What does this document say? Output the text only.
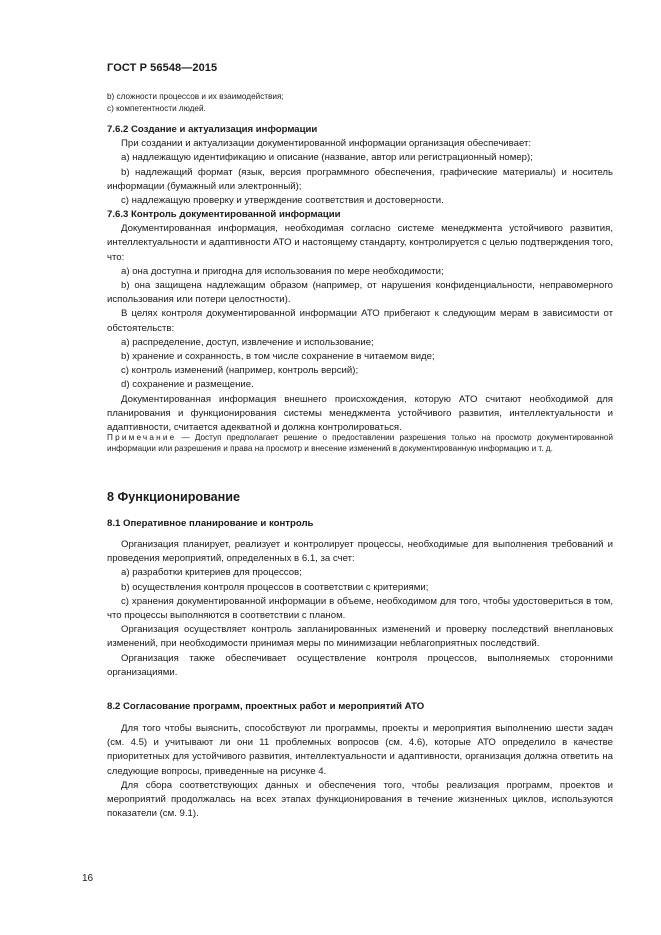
ГОСТ Р 56548—2015

b) сложности процессов и их взаимодействия;

c) компетентности людей.

7.6.2 Создание и актуализация информации

При создании и актуализации документированной информации организация обеспечивает:

a) надлежащую идентификацию и описание (название, автор или регистрационный номер);

b) надлежащий формат (язык, версия программного обеспечения, графические материалы) и носитель информации (бумажный или электронный);

c) надлежащую проверку и утверждение соответствия и достоверности.

7.6.3 Контроль документированной информации

Документированная информация, необходимая согласно системе менеджмента устойчивого развития, интеллектуальности и адаптивности АТО и настоящему стандарту, контролируется с целью подтверждения того, что:

a) она доступна и пригодна для использования по мере необходимости;

b) она защищена надлежащим образом (например, от нарушения конфиденциальности, неправомерного использования или потери целостности).

В целях контроля документированной информации АТО прибегают к следующим мерам в зависимости от обстоятельств:

a) распределение, доступ, извлечение и использование;

b) хранение и сохранность, в том числе сохранение в читаемом виде;

c) контроль изменений (например, контроль версий);

d) сохранение и размещение.

Документированная информация внешнего происхождения, которую АТО считают необходимой для планирования и функционирования системы менеджмента устойчивого развития, интеллектуальности и адаптивности, считается адекватной и должна контролироваться.

Примечание — Доступ предполагает решение о предоставлении разрешения только на просмотр документированной информации или разрешения и права на просмотр и внесение изменений в документированную информацию и т. д.

8 Функционирование

8.1 Оперативное планирование и контроль

Организация планирует, реализует и контролирует процессы, необходимые для выполнения требований и проведения мероприятий, определенных в 6.1, за счет:

a) разработки критериев для процессов;

b) осуществления контроля процессов в соответствии с критериями;

c) хранения документированной информации в объеме, необходимом для того, чтобы удостовериться в том, что процессы выполняются в соответствии с планом.

Организация осуществляет контроль запланированных изменений и проверку последствий внеплановых изменений, при необходимости принимая меры по минимизации неблагоприятных последствий.

Организация также обеспечивает осуществление контроля процессов, выполняемых сторонними организациями.

8.2 Согласование программ, проектных работ и мероприятий АТО

Для того чтобы выяснить, способствуют ли программы, проекты и мероприятия выполнению шести задач (см. 4.5) и учитывают ли они 11 проблемных вопросов (см. 4.6), которые АТО определило в качестве приоритетных для устойчивого развития, интеллектуальности и адаптивности, организация должна ответить на следующие вопросы, приведенные на рисунке 4.

Для сбора соответствующих данных и обеспечения того, чтобы реализация программ, проектов и мероприятий продолжалась на всех этапах функционирования в течение жизненных циклов, используются показатели (см. 9.1).

16
